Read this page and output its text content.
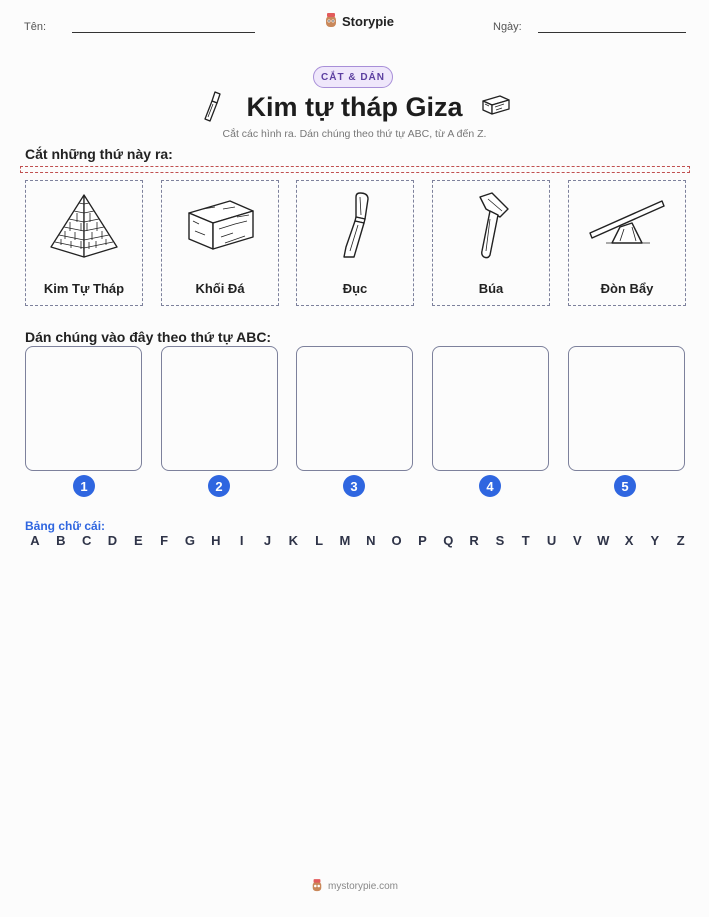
Tên:	Storypie	Ngày:
CẮT & DÁN
Kim tự tháp Giza
Cắt các hình ra. Dán chúng theo thứ tự ABC, từ A đến Z.
Cắt những thứ này ra:
Kim Tự Tháp	Khối Đá	Đục	Búa	Đòn Bẩy
Dán chúng vào đây theo thứ tự ABC:
1	2	3	4	5
Bảng chữ cái:
A B C D E F G H	I	J K L M N O P Q R S T U V W X Y Z
mystorypie.com
